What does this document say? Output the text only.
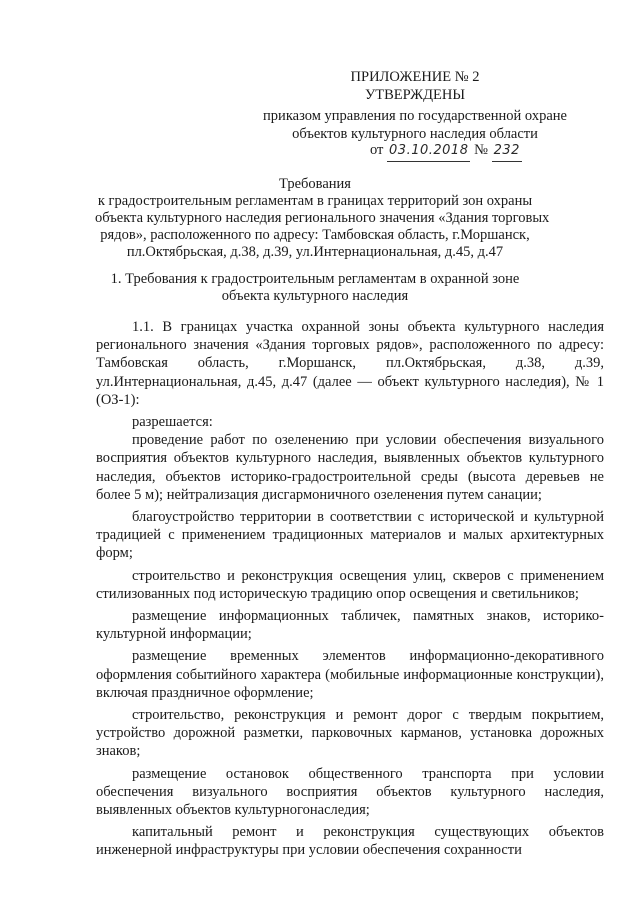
ПРИЛОЖЕНИЕ № 2
УТВЕРЖДЕНЫ
приказом управления по государственной охране
объектов культурного наследия области
от 03.10.2018 № 232
Требования
к градостроительным регламентам в границах территорий зон охраны
объекта культурного наследия регионального значения «Здания торговых
рядов», расположенного по адресу: Тамбовская область, г.Моршанск,
пл.Октябрьская, д.38, д.39, ул.Интернациональная, д.45, д.47
1. Требования к градостроительным регламентам в охранной зоне
объекта культурного наследия

1.1. В границах участка охранной зоны объекта культурного наследия регионального значения «Здания торговых рядов», расположенного по адресу: Тамбовская область, г.Моршанск, пл.Октябрьская, д.38, д.39, ул.Интернациональная, д.45, д.47 (далее — объект культурного наследия), № 1 (ОЗ-1):

разрешается:

проведение работ по озеленению при условии обеспечения визуального восприятия объектов культурного наследия, выявленных объектов культурного наследия, объектов историко-градостроительной среды (высота деревьев не более 5 м); нейтрализация дисгармоничного озеленения путем санации;

благоустройство территории в соответствии с исторической и культурной традицией с применением традиционных материалов и малых архитектурных форм;

строительство и реконструкция освещения улиц, скверов с применением стилизованных под историческую традицию опор освещения и светильников;

размещение информационных табличек, памятных знаков, историко-культурной информации;

размещение временных элементов информационно-декоративного оформления событийного характера (мобильные информационные конструкции), включая праздничное оформление;

строительство, реконструкция и ремонт дорог с твердым покрытием, устройство дорожной разметки, парковочных карманов, установка дорожных знаков;

размещение остановок общественного транспорта при условии обеспечения визуального восприятия объектов культурного наследия, выявленных объектов культурногонаследия;

капитальный ремонт и реконструкция существующих объектов инженерной инфраструктуры при условии обеспечения сохранности
